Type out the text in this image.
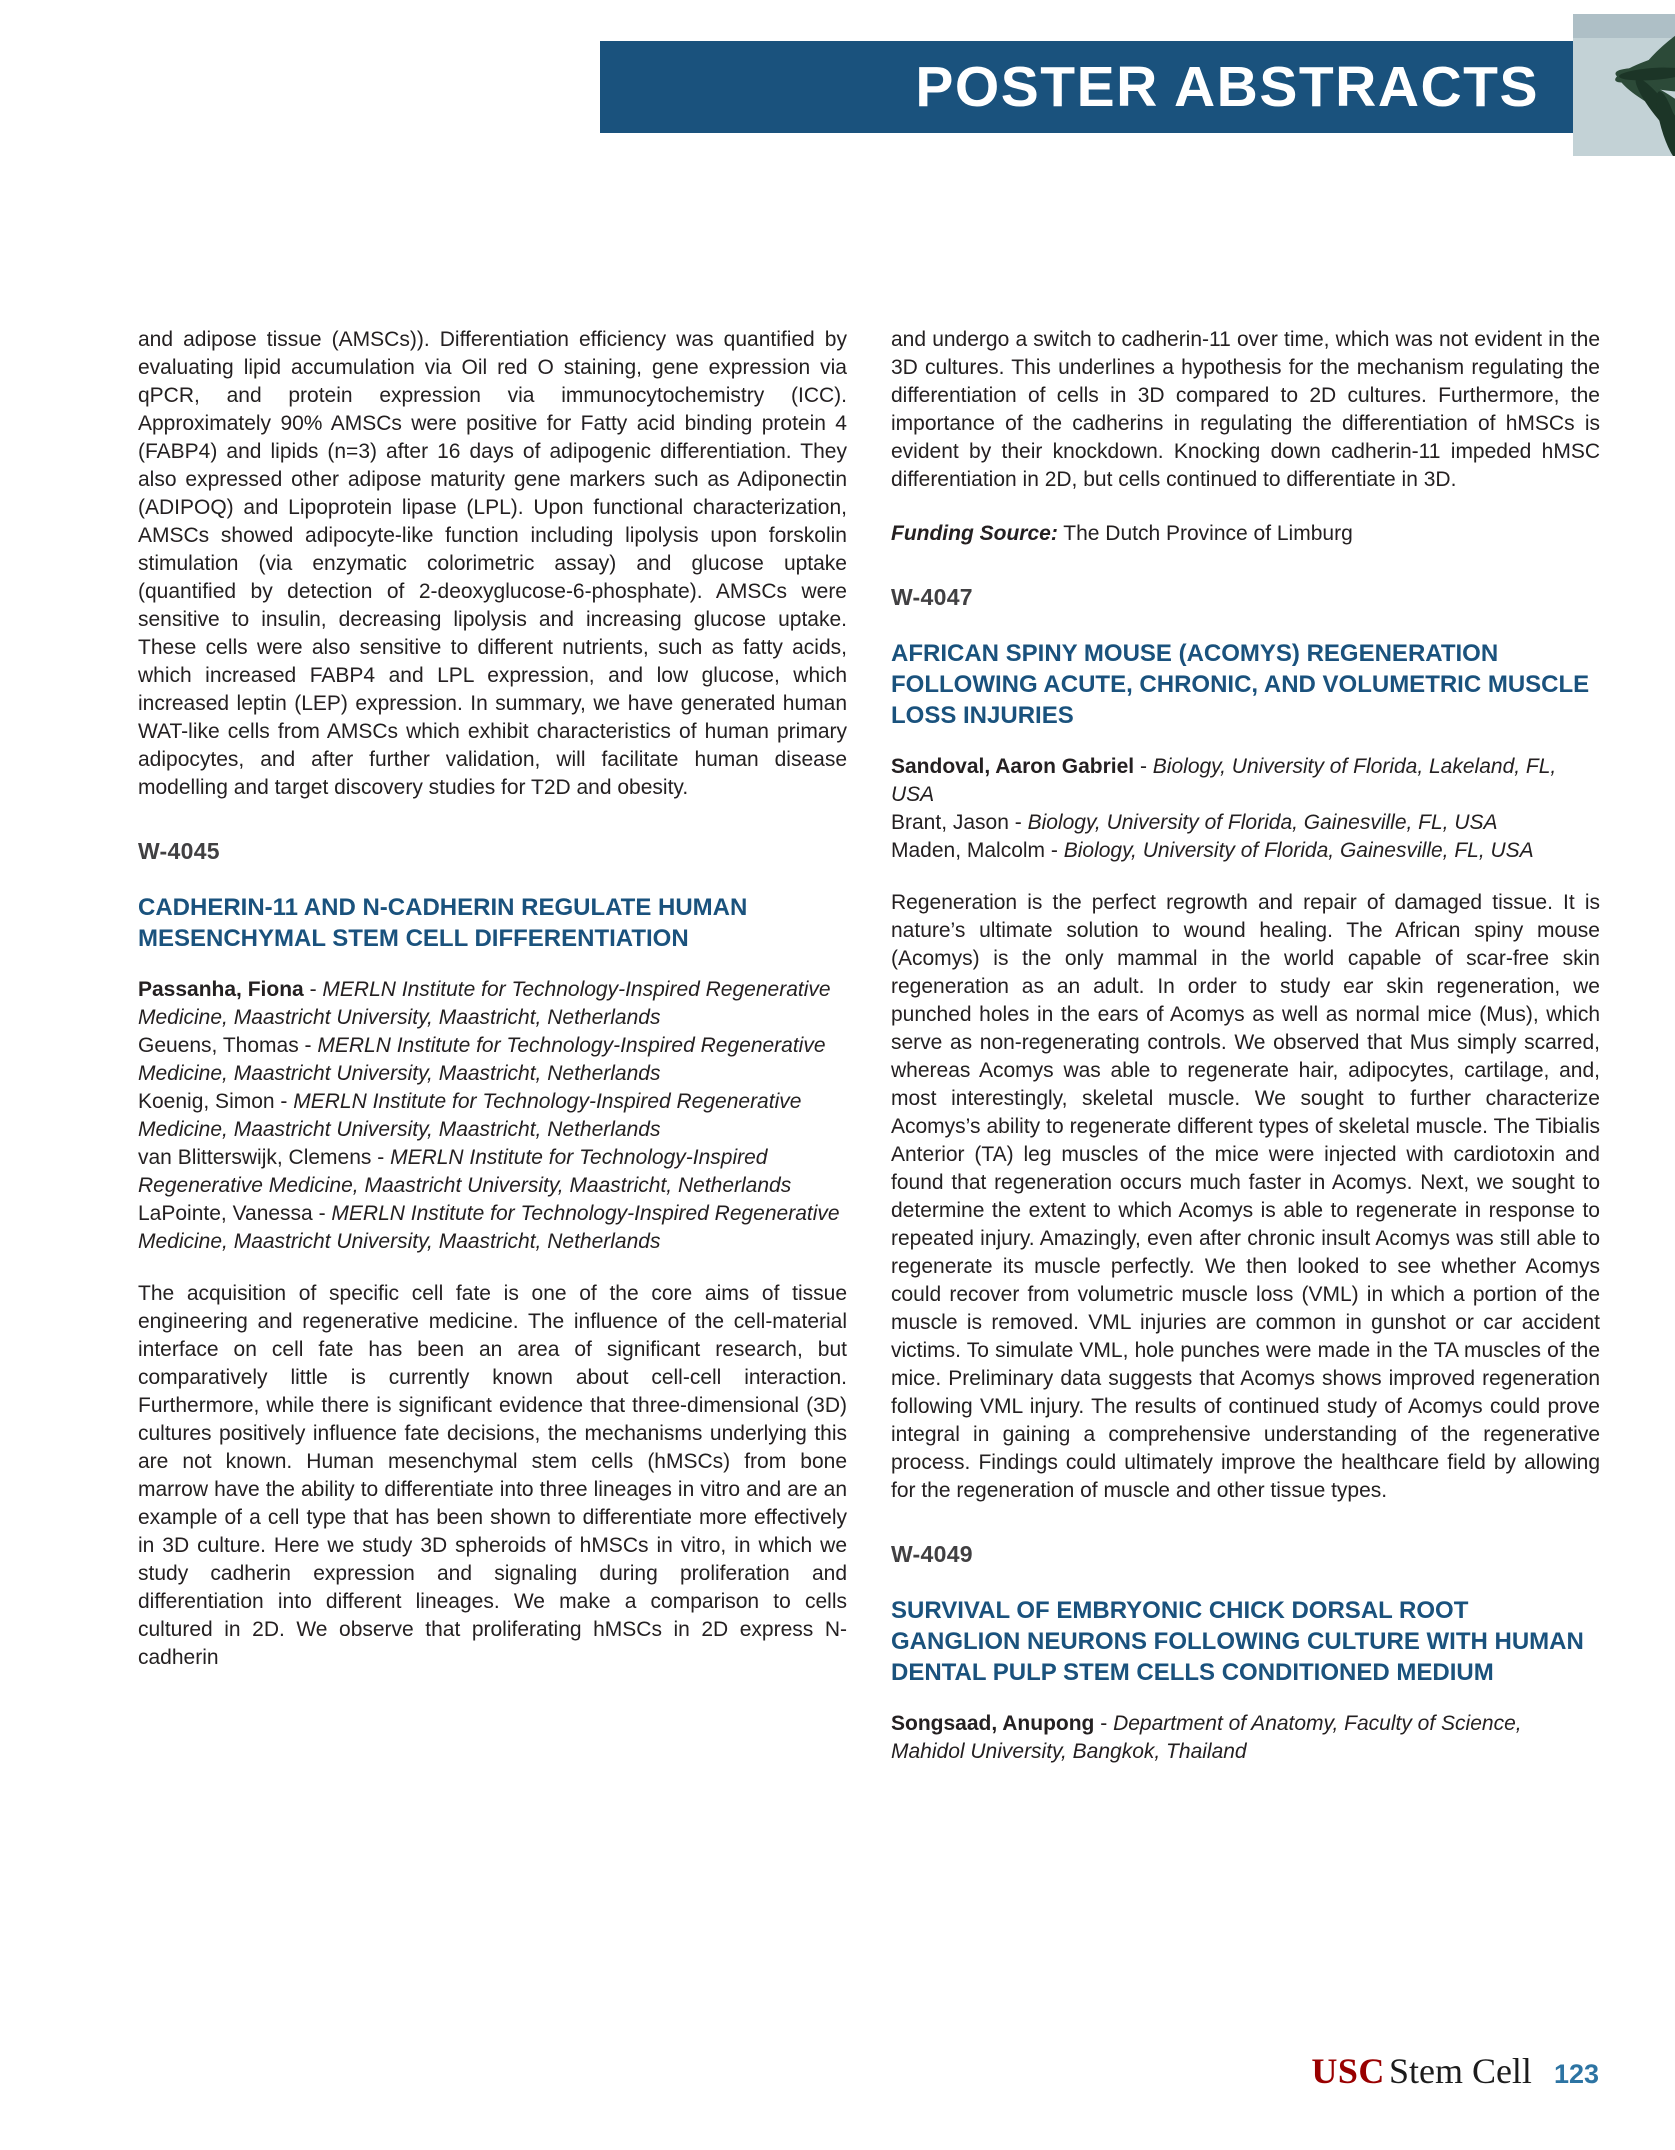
POSTER ABSTRACTS

and adipose tissue (AMSCs)). Differentiation efficiency was quantified by evaluating lipid accumulation via Oil red O staining, gene expression via qPCR, and protein expression via immunocytochemistry (ICC). Approximately 90% AMSCs were positive for Fatty acid binding protein 4 (FABP4) and lipids (n=3) after 16 days of adipogenic differentiation. They also expressed other adipose maturity gene markers such as Adiponectin (ADIPOQ) and Lipoprotein lipase (LPL). Upon functional characterization, AMSCs showed adipocyte-like function including lipolysis upon forskolin stimulation (via enzymatic colorimetric assay) and glucose uptake (quantified by detection of 2-deoxyglucose-6-phosphate). AMSCs were sensitive to insulin, decreasing lipolysis and increasing glucose uptake. These cells were also sensitive to different nutrients, such as fatty acids, which increased FABP4 and LPL expression, and low glucose, which increased leptin (LEP) expression. In summary, we have generated human WAT-like cells from AMSCs which exhibit characteristics of human primary adipocytes, and after further validation, will facilitate human disease modelling and target discovery studies for T2D and obesity.

W-4045
CADHERIN-11 AND N-CADHERIN REGULATE HUMAN MESENCHYMAL STEM CELL DIFFERENTIATION

Passanha, Fiona - MERLN Institute for Technology-Inspired Regenerative Medicine, Maastricht University, Maastricht, Netherlands

Geuens, Thomas - MERLN Institute for Technology-Inspired Regenerative Medicine, Maastricht University, Maastricht, Netherlands

Koenig, Simon - MERLN Institute for Technology-Inspired Regenerative Medicine, Maastricht University, Maastricht, Netherlands

van Blitterswijk, Clemens - MERLN Institute for Technology-Inspired Regenerative Medicine, Maastricht University, Maastricht, Netherlands

LaPointe, Vanessa - MERLN Institute for Technology-Inspired Regenerative Medicine, Maastricht University, Maastricht, Netherlands

The acquisition of specific cell fate is one of the core aims of tissue engineering and regenerative medicine. The influence of the cell-material interface on cell fate has been an area of significant research, but comparatively little is currently known about cell-cell interaction. Furthermore, while there is significant evidence that three-dimensional (3D) cultures positively influence fate decisions, the mechanisms underlying this are not known. Human mesenchymal stem cells (hMSCs) from bone marrow have the ability to differentiate into three lineages in vitro and are an example of a cell type that has been shown to differentiate more effectively in 3D culture. Here we study 3D spheroids of hMSCs in vitro, in which we study cadherin expression and signaling during proliferation and differentiation into different lineages. We make a comparison to cells cultured in 2D. We observe that proliferating hMSCs in 2D express N-cadherin

and undergo a switch to cadherin-11 over time, which was not evident in the 3D cultures. This underlines a hypothesis for the mechanism regulating the differentiation of cells in 3D compared to 2D cultures. Furthermore, the importance of the cadherins in regulating the differentiation of hMSCs is evident by their knockdown. Knocking down cadherin-11 impeded hMSC differentiation in 2D, but cells continued to differentiate in 3D.

Funding Source: The Dutch Province of Limburg

W-4047
AFRICAN SPINY MOUSE (ACOMYS) REGENERATION FOLLOWING ACUTE, CHRONIC, AND VOLUMETRIC MUSCLE LOSS INJURIES

Sandoval, Aaron Gabriel - Biology, University of Florida, Lakeland, FL, USA

Brant, Jason - Biology, University of Florida, Gainesville, FL, USA

Maden, Malcolm - Biology, University of Florida, Gainesville, FL, USA

Regeneration is the perfect regrowth and repair of damaged tissue. It is nature’s ultimate solution to wound healing. The African spiny mouse (Acomys) is the only mammal in the world capable of scar-free skin regeneration as an adult. In order to study ear skin regeneration, we punched holes in the ears of Acomys as well as normal mice (Mus), which serve as non-regenerating controls. We observed that Mus simply scarred, whereas Acomys was able to regenerate hair, adipocytes, cartilage, and, most interestingly, skeletal muscle. We sought to further characterize Acomys’s ability to regenerate different types of skeletal muscle. The Tibialis Anterior (TA) leg muscles of the mice were injected with cardiotoxin and found that regeneration occurs much faster in Acomys. Next, we sought to determine the extent to which Acomys is able to regenerate in response to repeated injury. Amazingly, even after chronic insult Acomys was still able to regenerate its muscle perfectly. We then looked to see whether Acomys could recover from volumetric muscle loss (VML) in which a portion of the muscle is removed. VML injuries are common in gunshot or car accident victims. To simulate VML, hole punches were made in the TA muscles of the mice. Preliminary data suggests that Acomys shows improved regeneration following VML injury. The results of continued study of Acomys could prove integral in gaining a comprehensive understanding of the regenerative process. Findings could ultimately improve the healthcare field by allowing for the regeneration of muscle and other tissue types.

W-4049
SURVIVAL OF EMBRYONIC CHICK DORSAL ROOT GANGLION NEURONS FOLLOWING CULTURE WITH HUMAN DENTAL PULP STEM CELLS CONDITIONED MEDIUM

Songsaad, Anupong - Department of Anatomy, Faculty of Science, Mahidol University, Bangkok, Thailand

USC Stem Cell 123
